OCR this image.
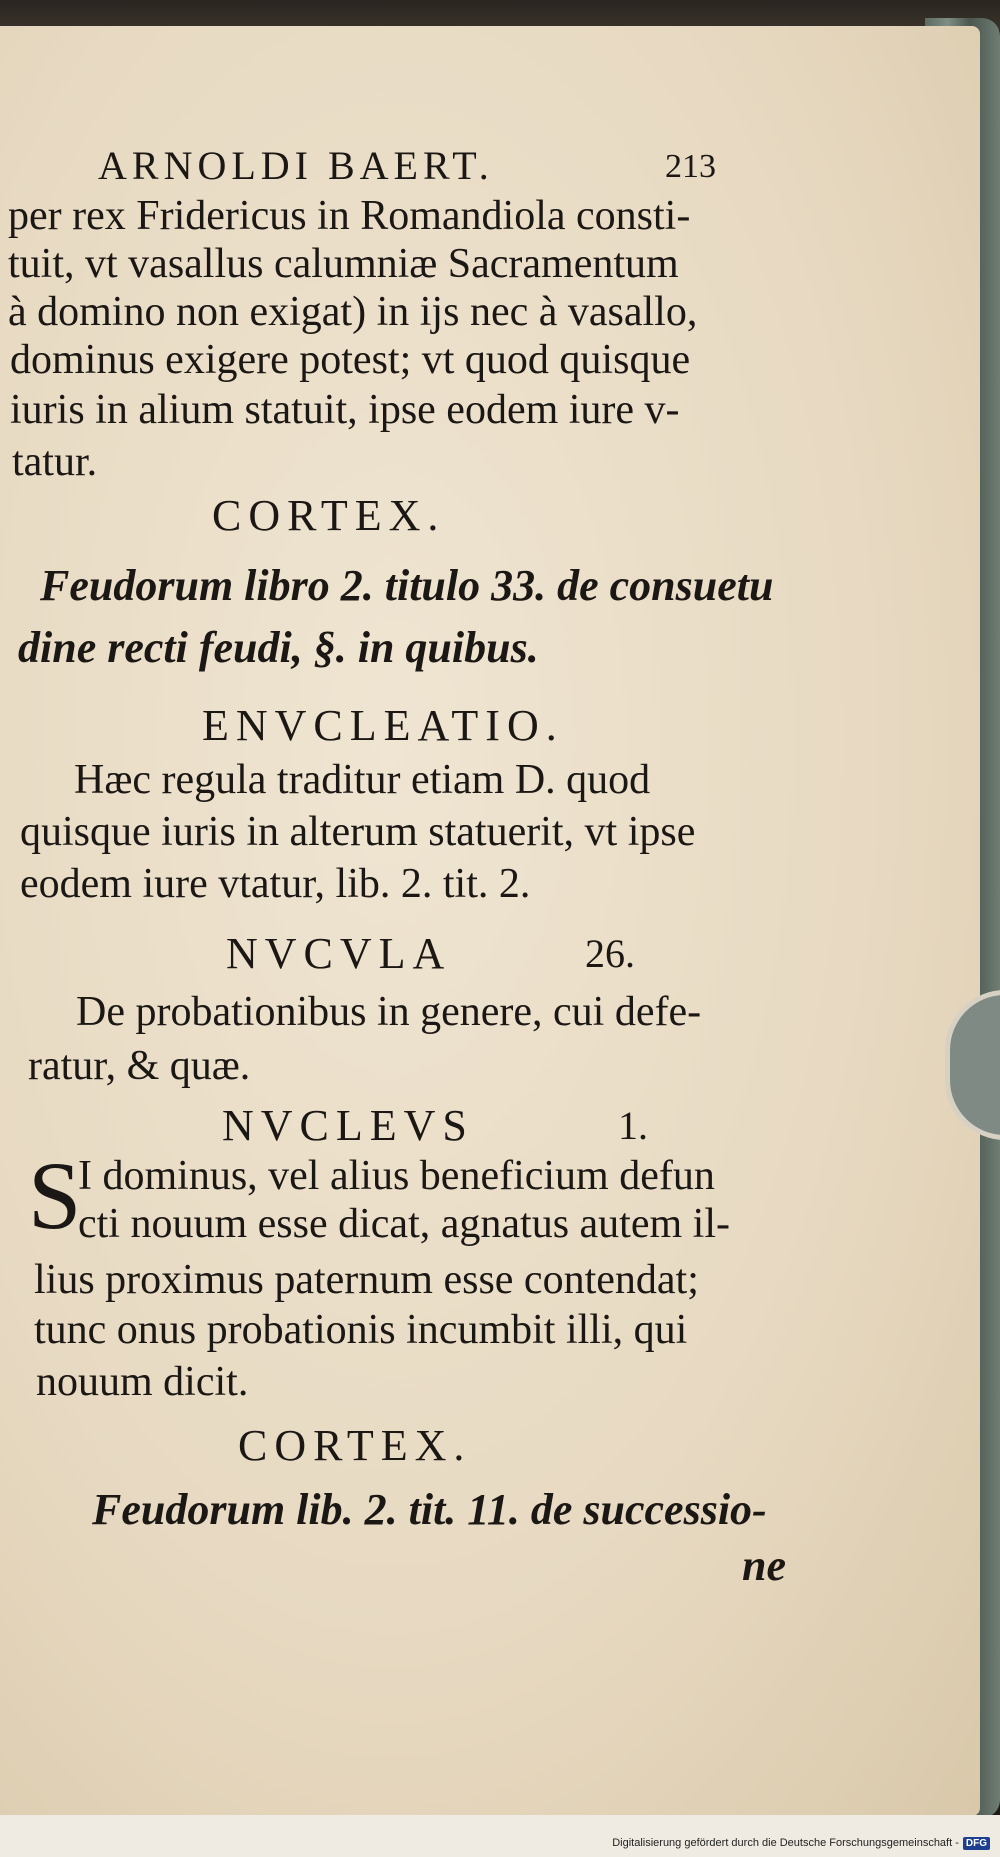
ARNOLDI BAERT.	213
per rex Fridericus in Romandiola consti-
tuit, vt vasallus calumniæ Sacramentum
à domino non exigat) in ijs nec à vasallo,
dominus exigere potest; vt quod quisque
iuris in alium statuit, ipse eodem iure v-
tatur.
CORTEX.
Feudorum libro 2. titulo 33. de consuetu
dine recti feudi, §. in quibus.
ENVCLEATIO.
Hæc regula traditur etiam D. quod
quisque iuris in alterum statuerit, vt ipse
eodem iure vtatur, lib. 2. tit. 2.
NVCVLA	26.
De probationibus in genere, cui defe-
ratur, & quæ.
NVCLEVS	1.
S
I dominus, vel alius beneficium defun
cti nouum esse dicat, agnatus autem il-
lius proximus paternum esse contendat;
tunc onus probationis incumbit illi, qui
nouum dicit.
CORTEX.
Feudorum lib. 2. tit. 11. de successio-
ne
Digitalisierung gefördert durch die Deutsche Forschungsgemeinschaft - DFG
